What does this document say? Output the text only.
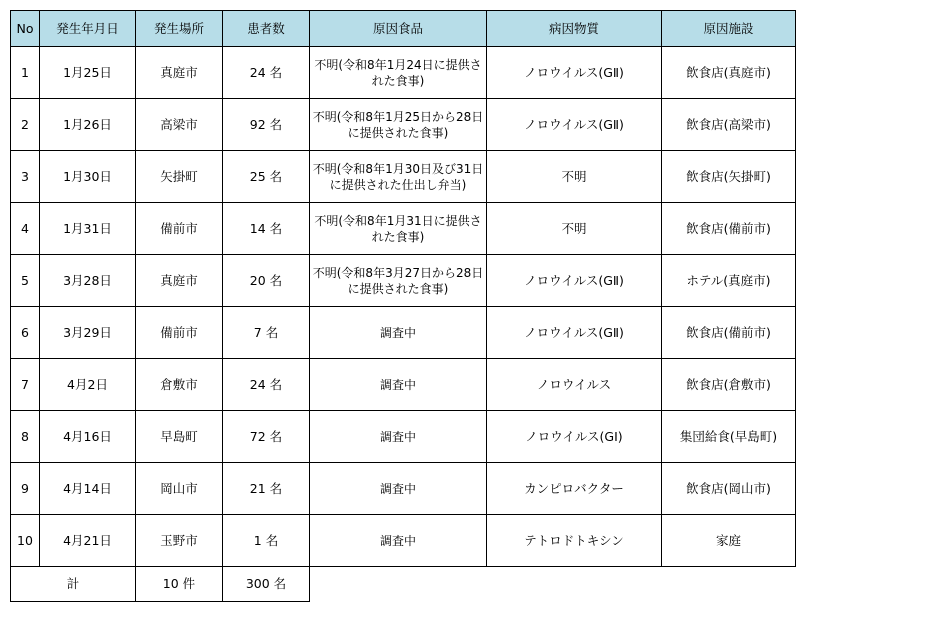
No	発生年月日	発生場所	患者数	原因食品	病因物質	原因施設
1	1月25日	真庭市	24 名	不明(令和8年1月24日に提供された食事)	ノロウイルス(GⅡ)	飲食店(真庭市)
2	1月26日	高梁市	92 名	不明(令和8年1月25日から28日に提供された食事)	ノロウイルス(GⅡ)	飲食店(高梁市)
3	1月30日	矢掛町	25 名	不明(令和8年1月30日及び31日に提供された仕出し弁当)	不明	飲食店(矢掛町)
4	1月31日	備前市	14 名	不明(令和8年1月31日に提供された食事)	不明	飲食店(備前市)
5	3月28日	真庭市	20 名	不明(令和8年3月27日から28日に提供された食事)	ノロウイルス(GⅡ)	ホテル(真庭市)
6	3月29日	備前市	7 名	調査中	ノロウイルス(GⅡ)	飲食店(備前市)
7	4月2日	倉敷市	24 名	調査中	ノロウイルス	飲食店(倉敷市)
8	4月16日	早島町	72 名	調査中	ノロウイルス(GⅠ)	集団給食(早島町)
9	4月14日	岡山市	21 名	調査中	カンピロバクター	飲食店(岡山市)
10	4月21日	玉野市	1 名	調査中	テトロドトキシン	家庭
計		10 件	300 名			
